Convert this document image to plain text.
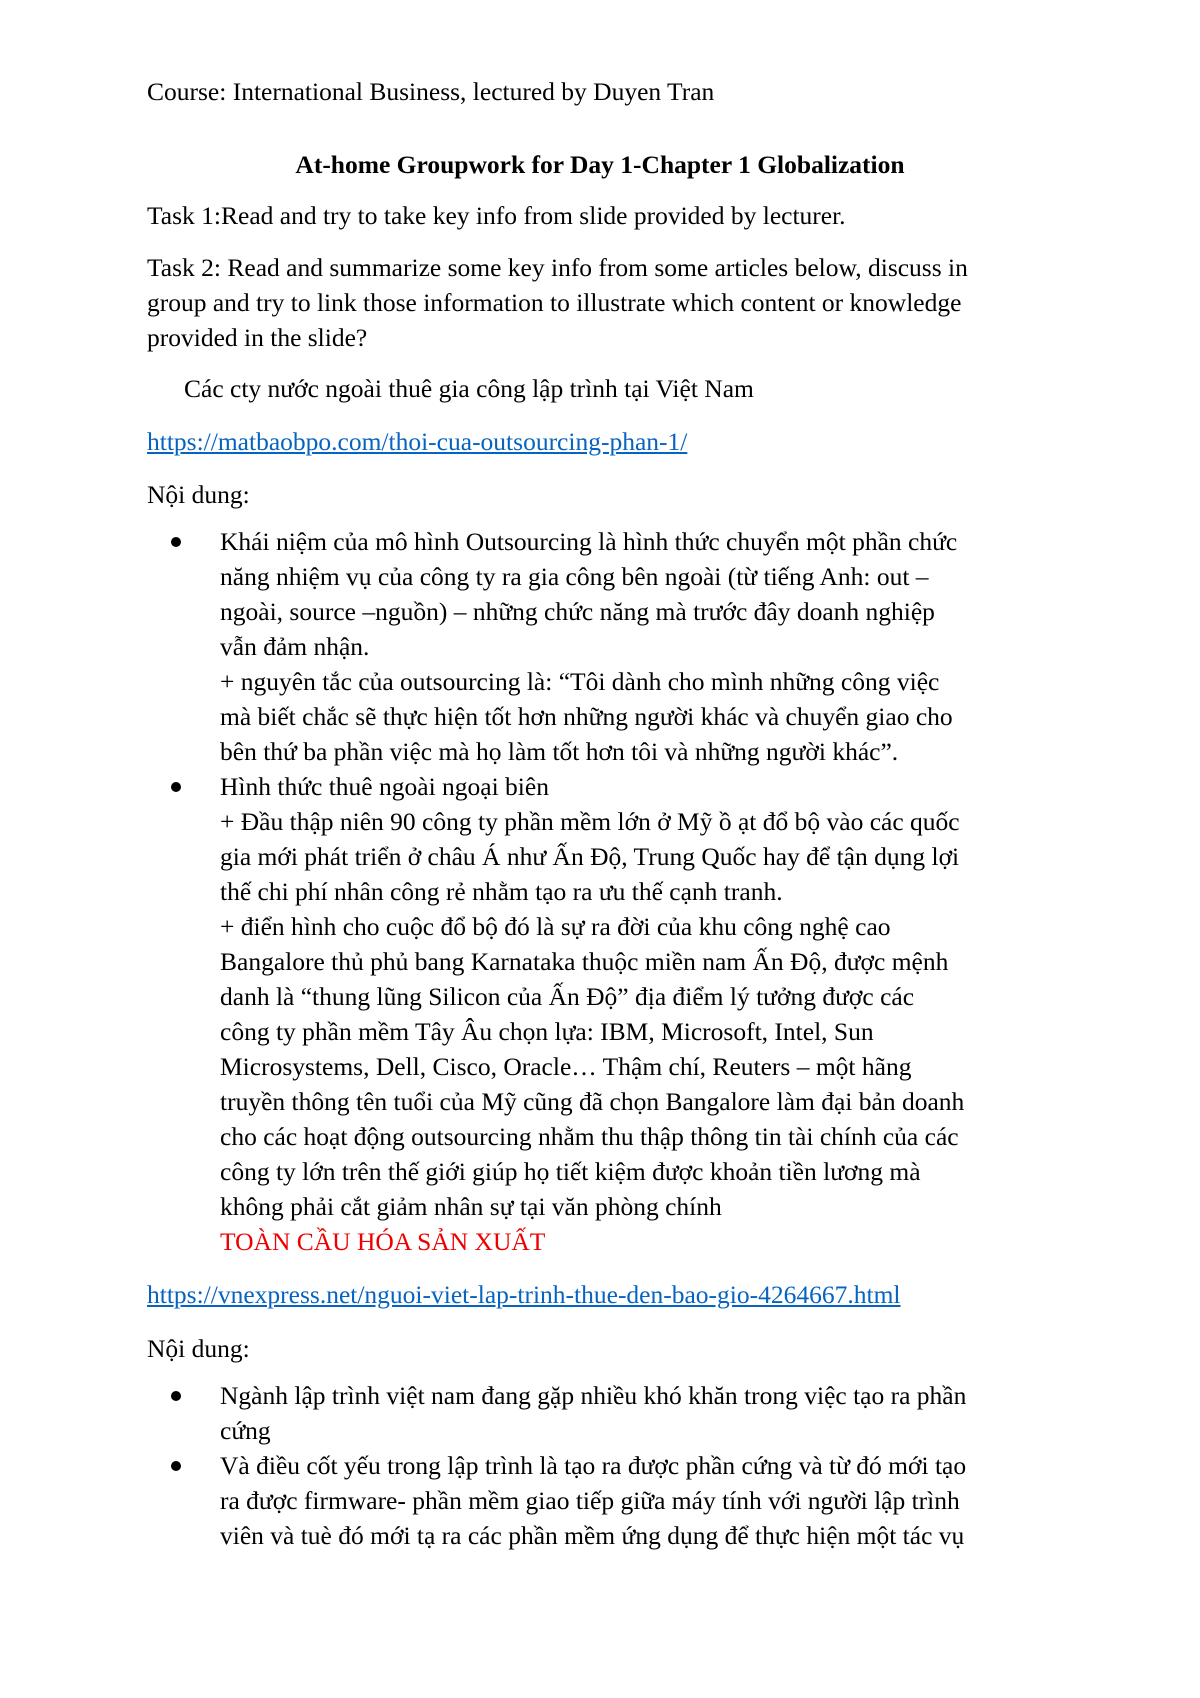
Course: International Business, lectured by Duyen Tran

At-home Groupwork for Day 1-Chapter 1 Globalization

Task 1:Read and try to take key info from slide provided by lecturer.

Task 2: Read and summarize some key info from some articles below, discuss in

group and try to link those information to illustrate which content or knowledge

provided in the slide?

Các cty nước ngoài thuê gia công lập trình tại Việt Nam

https://matbaobpo.com/thoi-cua-outsourcing-phan-1/

Nội dung:

Khái niệm của mô hình Outsourcing là hình thức chuyển một phần chức

năng nhiệm vụ của công ty ra gia công bên ngoài (từ tiếng Anh: out –

ngoài, source –nguồn) – những chức năng mà trước đây doanh nghiệp

vẫn đảm nhận.

+ nguyên tắc của outsourcing là: “Tôi dành cho mình những công việc

mà biết chắc sẽ thực hiện tốt hơn những người khác và chuyển giao cho

bên thứ ba phần việc mà họ làm tốt hơn tôi và những người khác”.

Hình thức thuê ngoài ngoại biên

+ Đầu thập niên 90 công ty phần mềm lớn ở Mỹ ồ ạt đổ bộ vào các quốc

gia mới phát triển ở châu Á như Ấn Độ, Trung Quốc hay để tận dụng lợi

thế chi phí nhân công rẻ nhằm tạo ra ưu thế cạnh tranh.

+ điển hình cho cuộc đổ bộ đó là sự ra đời của khu công nghệ cao

Bangalore thủ phủ bang Karnataka thuộc miền nam Ấn Độ, được mệnh

danh là “thung lũng Silicon của Ấn Độ” địa điểm lý tưởng được các

công ty phần mềm Tây Âu chọn lựa: IBM, Microsoft, Intel, Sun

Microsystems, Dell, Cisco, Oracle… Thậm chí, Reuters – một hãng

truyền thông tên tuổi của Mỹ cũng đã chọn Bangalore làm đại bản doanh

cho các hoạt động outsourcing nhằm thu thập thông tin tài chính của các

công ty lớn trên thế giới giúp họ tiết kiệm được khoản tiền lương mà

không phải cắt giảm nhân sự tại văn phòng chính

TOÀN CẦU HÓA SẢN XUẤT

https://vnexpress.net/nguoi-viet-lap-trinh-thue-den-bao-gio-4264667.html

Nội dung:

Ngành lập trình việt nam đang gặp nhiều khó khăn trong việc tạo ra phần

cứng

Và điều cốt yếu trong lập trình là tạo ra được phần cứng và từ đó mới tạo

ra được firmware- phần mềm giao tiếp giữa máy tính với người lập trình

viên và tuè đó mới tạ ra các phần mềm ứng dụng để thực hiện một tác vụ
